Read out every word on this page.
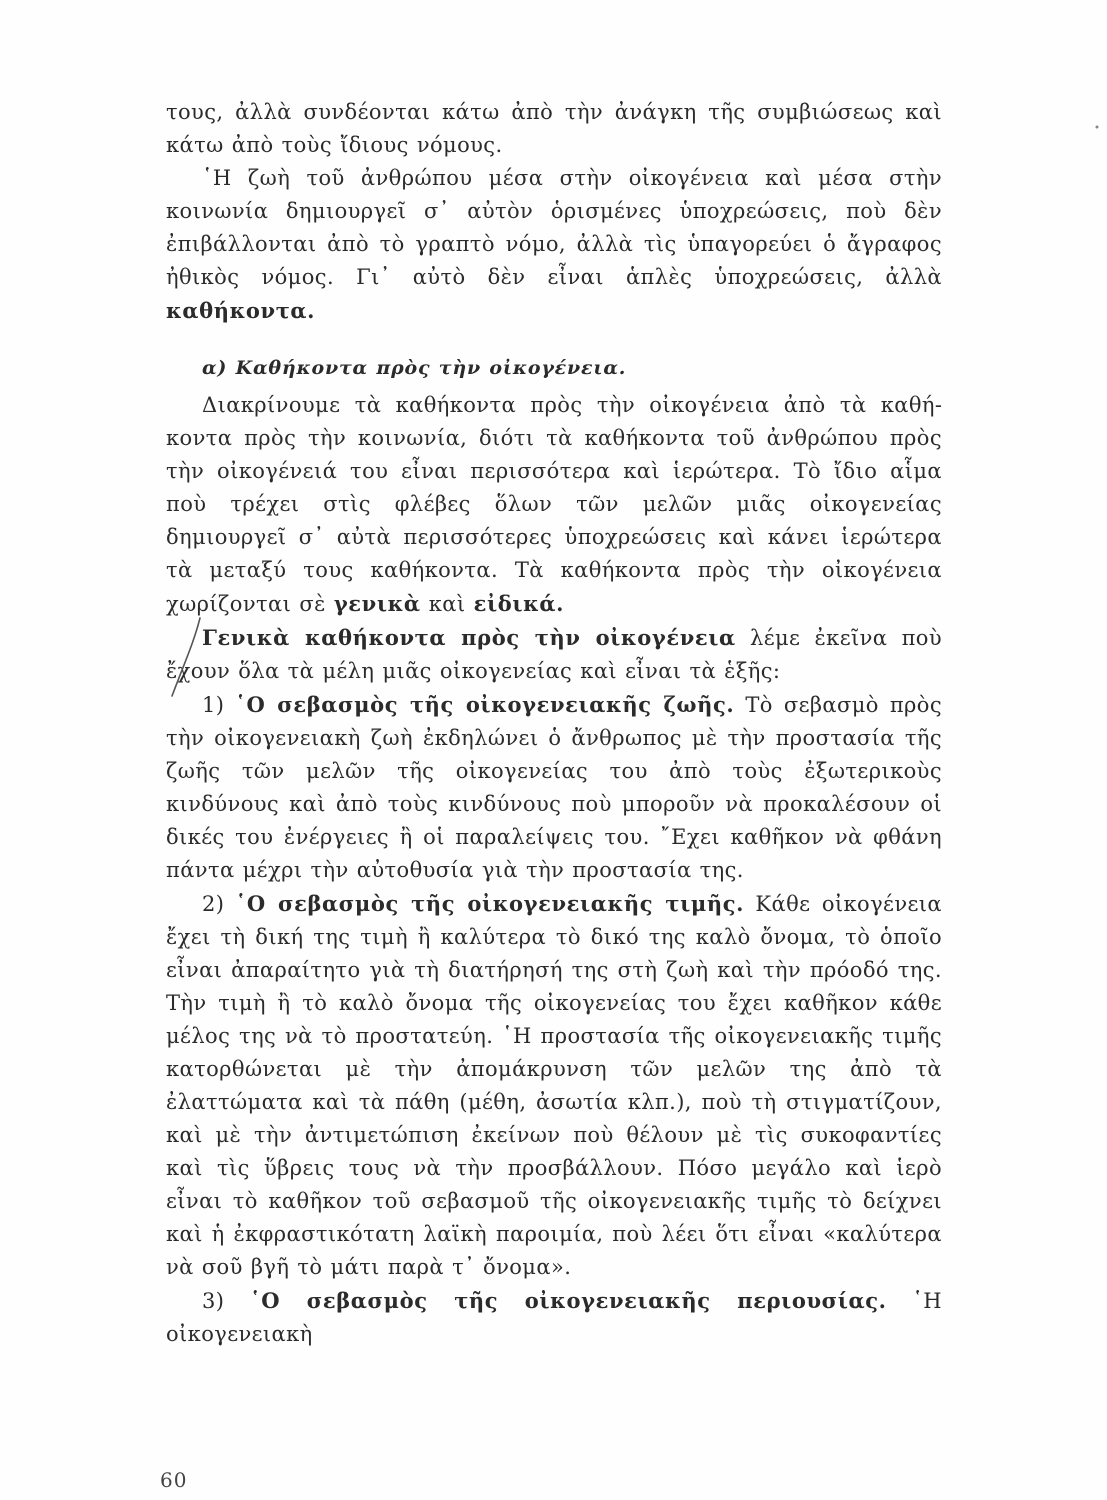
τους, ἀλλὰ συνδέονται κάτω ἀπὸ τὴν ἀνάγκη τῆς συμβιώσεως καὶ κάτω ἀπὸ τοὺς ἴδιους νόμους.

῾Η ζωὴ τοῦ ἀνθρώπου μέσα στὴν οἰκογένεια καὶ μέσα στὴν κοινωνία δημιουργεῖ σ᾽ αὐτὸν ὁρισμένες ὑποχρεώσεις, ποὺ δὲν ἐπιβάλλονται ἀπὸ τὸ γραπτὸ νόμο, ἀλλὰ τὶς ὑπαγορεύει ὁ ἄγραφος ἠθικὸς νόμος. Γι᾽ αὐτὸ δὲν εἶναι ἁπλὲς ὑποχρεώσεις, ἀλλὰ καθήκοντα.

α) Καθήκοντα πρὸς τὴν οἰκογένεια.

Διακρίνουμε τὰ καθήκοντα πρὸς τὴν οἰκογένεια ἀπὸ τὰ καθήκοντα πρὸς τὴν κοινωνία, διότι τὰ καθήκοντα τοῦ ἀνθρώπου πρὸς τὴν οἰκογένειά του εἶναι περισσότερα καὶ ἱερώτερα. Τὸ ἴδιο αἷμα ποὺ τρέχει στὶς φλέβες ὅλων τῶν μελῶν μιᾶς οἰκογενείας δημιουργεῖ σ᾽ αὐτὰ περισσότερες ὑποχρεώσεις καὶ κάνει ἱερώτερα τὰ μεταξύ τους καθήκοντα. Τὰ καθήκοντα πρὸς τὴν οἰκογένεια χωρίζονται σὲ γενικὰ καὶ εἰδικά.

Γενικὰ καθήκοντα πρὸς τὴν οἰκογένεια λέμε ἐκεῖνα ποὺ ἔχουν ὅλα τὰ μέλη μιᾶς οἰκογενείας καὶ εἶναι τὰ ἑξῆς:

1) ῾Ο σεβασμὸς τῆς οἰκογενειακῆς ζωῆς. Τὸ σεβασμὸ πρὸς τὴν οἰκογενειακὴ ζωὴ ἐκδηλώνει ὁ ἄνθρωπος μὲ τὴν προστασία τῆς ζωῆς τῶν μελῶν τῆς οἰκογενείας του ἀπὸ τοὺς ἐξωτερικοὺς κινδύνους καὶ ἀπὸ τοὺς κινδύνους ποὺ μποροῦν νὰ προκαλέσουν οἱ δικές του ἐνέργειες ἢ οἱ παραλείψεις του. ῎Εχει καθῆκον νὰ φθάνη πάντα μέχρι τὴν αὐτοθυσία γιὰ τὴν προστασία της.

2) ῾Ο σεβασμὸς τῆς οἰκογενειακῆς τιμῆς. Κάθε οἰκογένεια ἔχει τὴ δική της τιμὴ ἢ καλύτερα τὸ δικό της καλὸ ὄνομα, τὸ ὁποῖο εἶναι ἀπαραίτητο γιὰ τὴ διατήρησή της στὴ ζωὴ καὶ τὴν πρόοδό της. Τὴν τιμὴ ἢ τὸ καλὸ ὄνομα τῆς οἰκογενείας του ἔχει καθῆκον κάθε μέλος της νὰ τὸ προστατεύη. ῾Η προστασία τῆς οἰκογενειακῆς τιμῆς κατορθώνεται μὲ τὴν ἀπομάκρυνση τῶν μελῶν της ἀπὸ τὰ ἐλαττώματα καὶ τὰ πάθη (μέθη, ἀσωτία κλπ.), ποὺ τὴ στιγματίζουν, καὶ μὲ τὴν ἀντιμετώπιση ἐκείνων ποὺ θέλουν μὲ τὶς συκοφαντίες καὶ τὶς ὕβρεις τους νὰ τὴν προσβάλλουν. Πόσο μεγάλο καὶ ἱερὸ εἶναι τὸ καθῆκον τοῦ σεβασμοῦ τῆς οἰκογενειακῆς τιμῆς τὸ δείχνει καὶ ἡ ἐκφραστικότατη λαϊκὴ παροιμία, ποὺ λέει ὅτι εἶναι «καλύτερα νὰ σοῦ βγῆ τὸ μάτι παρὰ τ᾽ ὄνομα».

3) ῾Ο σεβασμὸς τῆς οἰκογενειακῆς περιουσίας. ῾Η οἰκογενειακὴ

60
